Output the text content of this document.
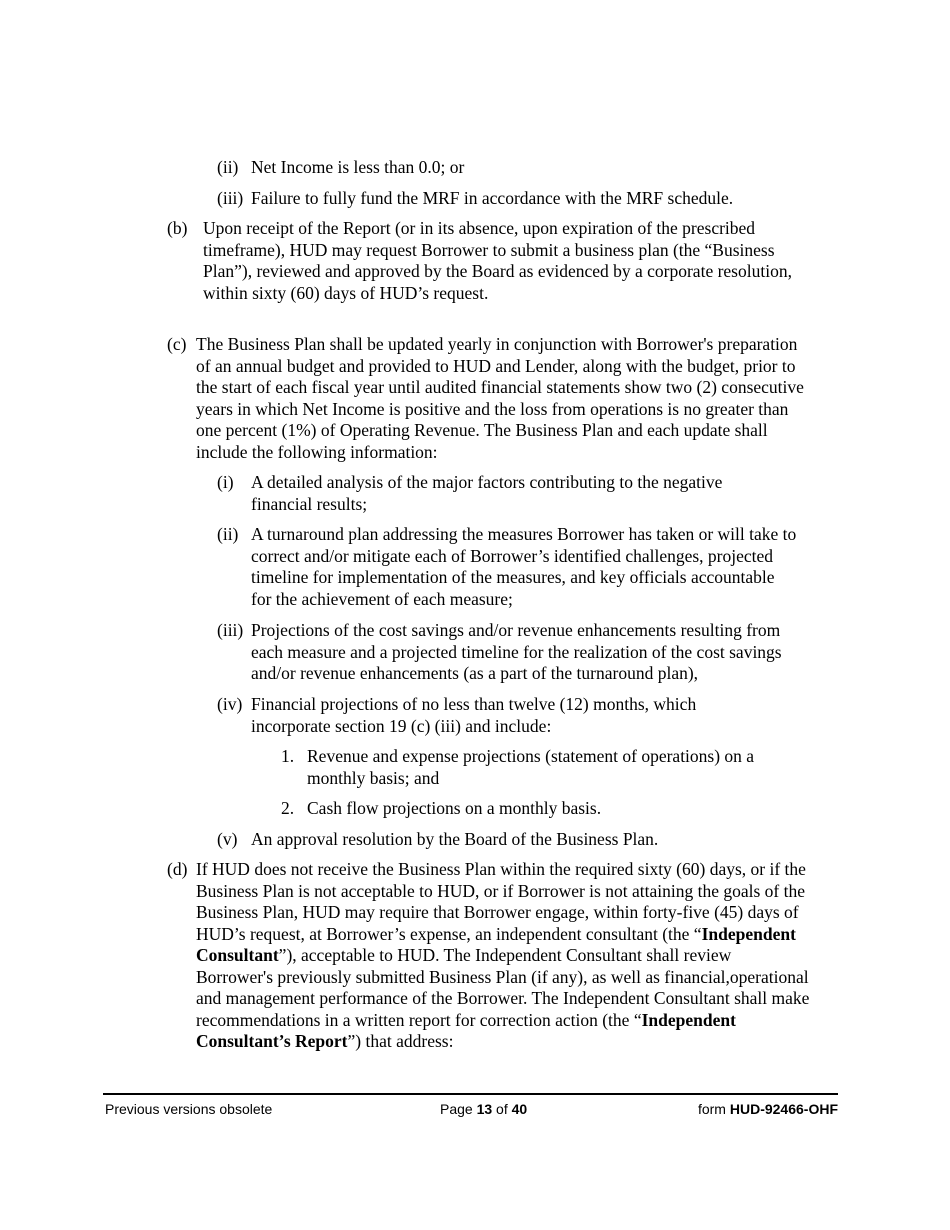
(ii) Net Income is less than 0.0; or
(iii) Failure to fully fund the MRF in accordance with the MRF schedule.
(b) Upon receipt of the Report (or in its absence, upon expiration of the prescribed timeframe), HUD may request Borrower to submit a business plan (the “Business Plan”), reviewed and approved by the Board as evidenced by a corporate resolution, within sixty (60) days of HUD’s request.
(c) The Business Plan shall be updated yearly in conjunction with Borrower's preparation of an annual budget and provided to HUD and Lender, along with the budget, prior to the start of each fiscal year until audited financial statements show two (2) consecutive years in which Net Income is positive and the loss from operations is no greater than one percent (1%) of Operating Revenue. The Business Plan and each update shall include the following information:
(i) A detailed analysis of the major factors contributing to the negative financial results;
(ii) A turnaround plan addressing the measures Borrower has taken or will take to correct and/or mitigate each of Borrower’s identified challenges, projected timeline for implementation of the measures, and key officials accountable for the achievement of each measure;
(iii) Projections of the cost savings and/or revenue enhancements resulting from each measure and a projected timeline for the realization of the cost savings and/or revenue enhancements (as a part of the turnaround plan),
(iv) Financial projections of no less than twelve (12) months, which incorporate section 19 (c) (iii) and include:
1. Revenue and expense projections (statement of operations) on a monthly basis; and
2. Cash flow projections on a monthly basis.
(v) An approval resolution by the Board of the Business Plan.
(d) If HUD does not receive the Business Plan within the required sixty (60) days, or if the Business Plan is not acceptable to HUD, or if Borrower is not attaining the goals of the Business Plan, HUD may require that Borrower engage, within forty-five (45) days of HUD’s request, at Borrower’s expense, an independent consultant (the “Independent Consultant”), acceptable to HUD. The Independent Consultant shall review Borrower's previously submitted Business Plan (if any), as well as financial,operational and management performance of the Borrower. The Independent Consultant shall make recommendations in a written report for correction action (the “Independent Consultant’s Report”) that address:
Previous versions obsolete	Page 13 of 40	form HUD-92466-OHF
